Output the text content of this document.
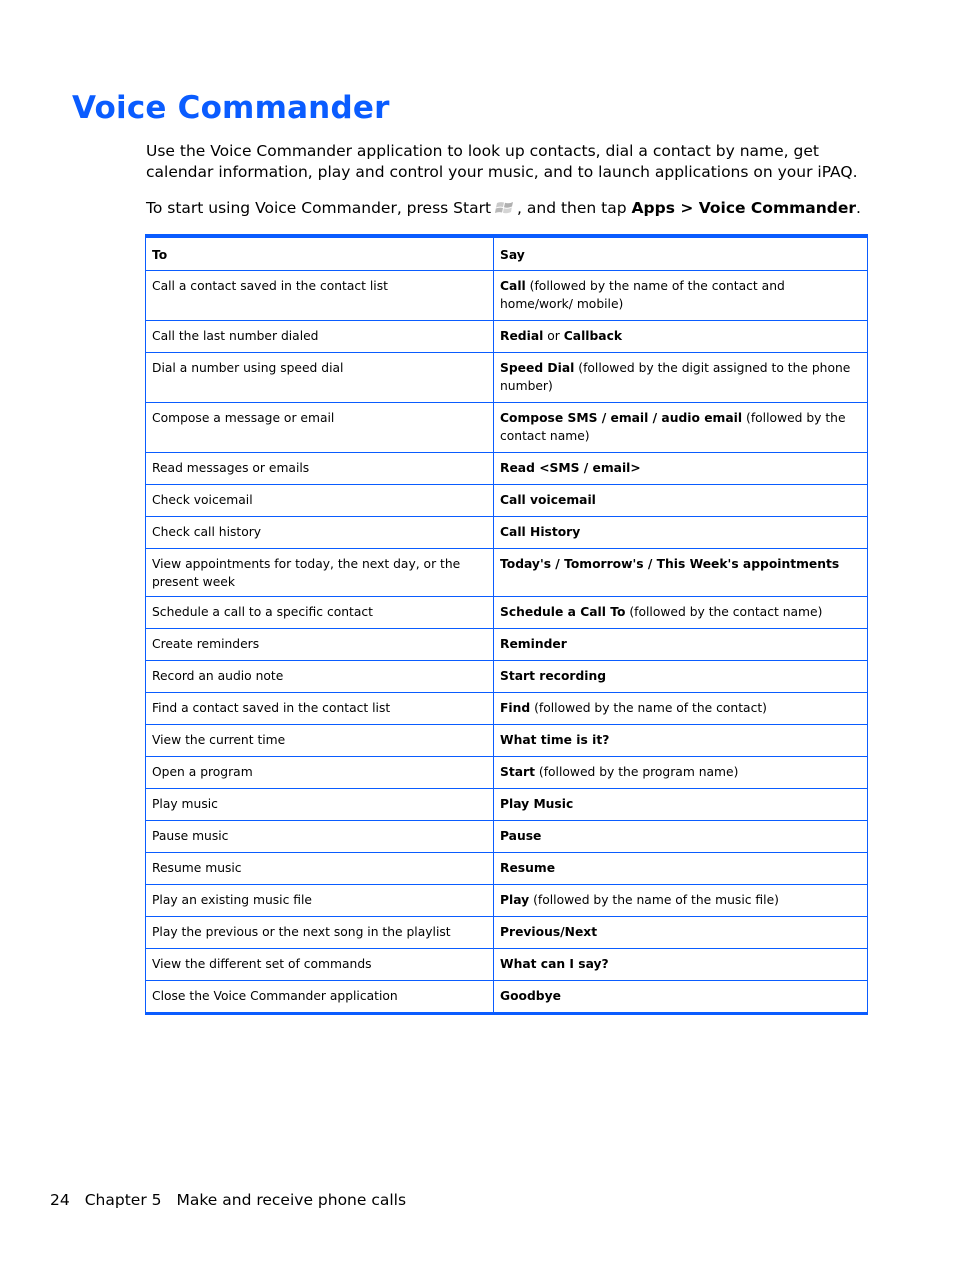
Voice Commander

Use the Voice Commander application to look up contacts, dial a contact by name, get calendar information, play and control your music, and to launch applications on your iPAQ.

To start using Voice Commander, press Start , and then tap Apps > Voice Commander.

To	Say
Call a contact saved in the contact list	Call (followed by the name of the contact and home/work/ mobile)
Call the last number dialed	Redial or Callback
Dial a number using speed dial	Speed Dial (followed by the digit assigned to the phone number)
Compose a message or email	Compose SMS / email / audio email (followed by the contact name)
Read messages or emails	Read <SMS / email>
Check voicemail	Call voicemail
Check call history	Call History
View appointments for today, the next day, or the present week	Today's / Tomorrow's / This Week's appointments
Schedule a call to a specific contact	Schedule a Call To (followed by the contact name)
Create reminders	Reminder
Record an audio note	Start recording
Find a contact saved in the contact list	Find (followed by the name of the contact)
View the current time	What time is it?
Open a program	Start (followed by the program name)
Play music	Play Music
Pause music	Pause
Resume music	Resume
Play an existing music file	Play (followed by the name of the music file)
Play the previous or the next song in the playlist	Previous/Next
View the different set of commands	What can I say?
Close the Voice Commander application	Goodbye

24 Chapter 5 Make and receive phone calls
